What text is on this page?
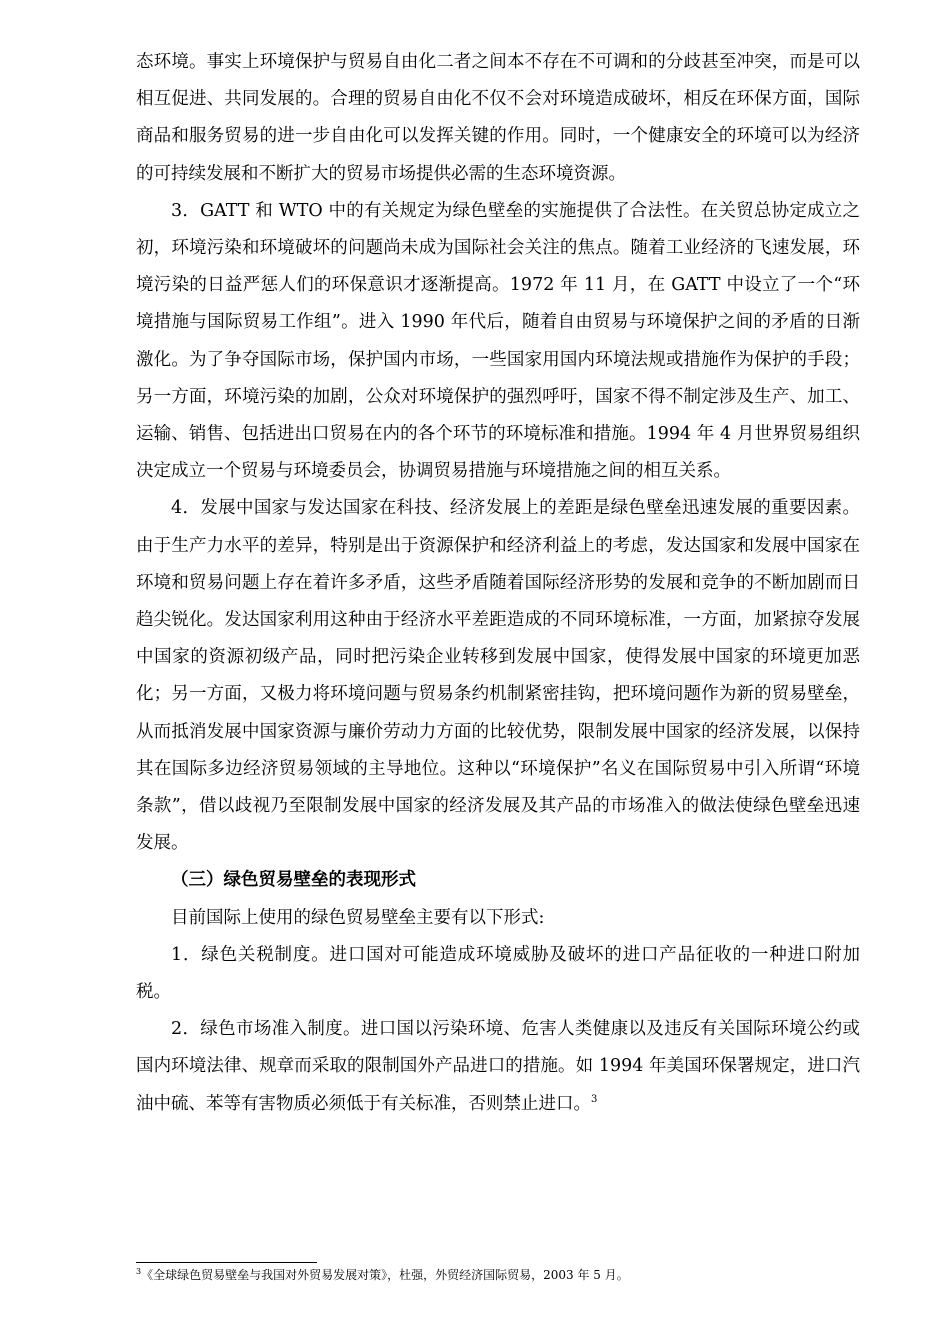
态环境。事实上环境保护与贸易自由化二者之间本不存在不可调和的分歧甚至冲突，而是可以相互促进、共同发展的。合理的贸易自由化不仅不会对环境造成破坏，相反在环保方面，国际商品和服务贸易的进一步自由化可以发挥关键的作用。同时，一个健康安全的环境可以为经济的可持续发展和不断扩大的贸易市场提供必需的生态环境资源。

3．GATT 和 WTO 中的有关规定为绿色壁垒的实施提供了合法性。在关贸总协定成立之初，环境污染和环境破坏的问题尚未成为国际社会关注的焦点。随着工业经济的飞速发展，环境污染的日益严惩人们的环保意识才逐渐提高。1972 年 11 月，在 GATT 中设立了一个“环境措施与国际贸易工作组”。进入 1990 年代后，随着自由贸易与环境保护之间的矛盾的日渐激化。为了争夺国际市场，保护国内市场，一些国家用国内环境法规或措施作为保护的手段；另一方面，环境污染的加剧，公众对环境保护的强烈呼吁，国家不得不制定涉及生产、加工、运输、销售、包括进出口贸易在内的各个环节的环境标准和措施。1994 年 4 月世界贸易组织决定成立一个贸易与环境委员会，协调贸易措施与环境措施之间的相互关系。

4．发展中国家与发达国家在科技、经济发展上的差距是绿色壁垒迅速发展的重要因素。由于生产力水平的差异，特别是出于资源保护和经济利益上的考虑，发达国家和发展中国家在环境和贸易问题上存在着许多矛盾，这些矛盾随着国际经济形势的发展和竞争的不断加剧而日趋尖锐化。发达国家利用这种由于经济水平差距造成的不同环境标准，一方面，加紧掠夺发展中国家的资源初级产品，同时把污染企业转移到发展中国家，使得发展中国家的环境更加恶化；另一方面，又极力将环境问题与贸易条约机制紧密挂钩，把环境问题作为新的贸易壁垒，从而抵消发展中国家资源与廉价劳动力方面的比较优势，限制发展中国家的经济发展，以保持其在国际多边经济贸易领域的主导地位。这种以“环境保护”名义在国际贸易中引入所谓“环境条款”，借以歧视乃至限制发展中国家的经济发展及其产品的市场准入的做法使绿色壁垒迅速发展。

（三）绿色贸易壁垒的表现形式

目前国际上使用的绿色贸易壁垒主要有以下形式:

1．绿色关税制度。进口国对可能造成环境威胁及破坏的进口产品征收的一种进口附加税。

2．绿色市场准入制度。进口国以污染环境、危害人类健康以及违反有关国际环境公约或国内环境法律、规章而采取的限制国外产品进口的措施。如 1994 年美国环保署规定，进口汽油中硫、苯等有害物质必须低于有关标准，否则禁止进口。$^3$

$^3$《全球绿色贸易壁垒与我国对外贸易发展对策》，杜强，外贸经济国际贸易，2003 年 5 月。
